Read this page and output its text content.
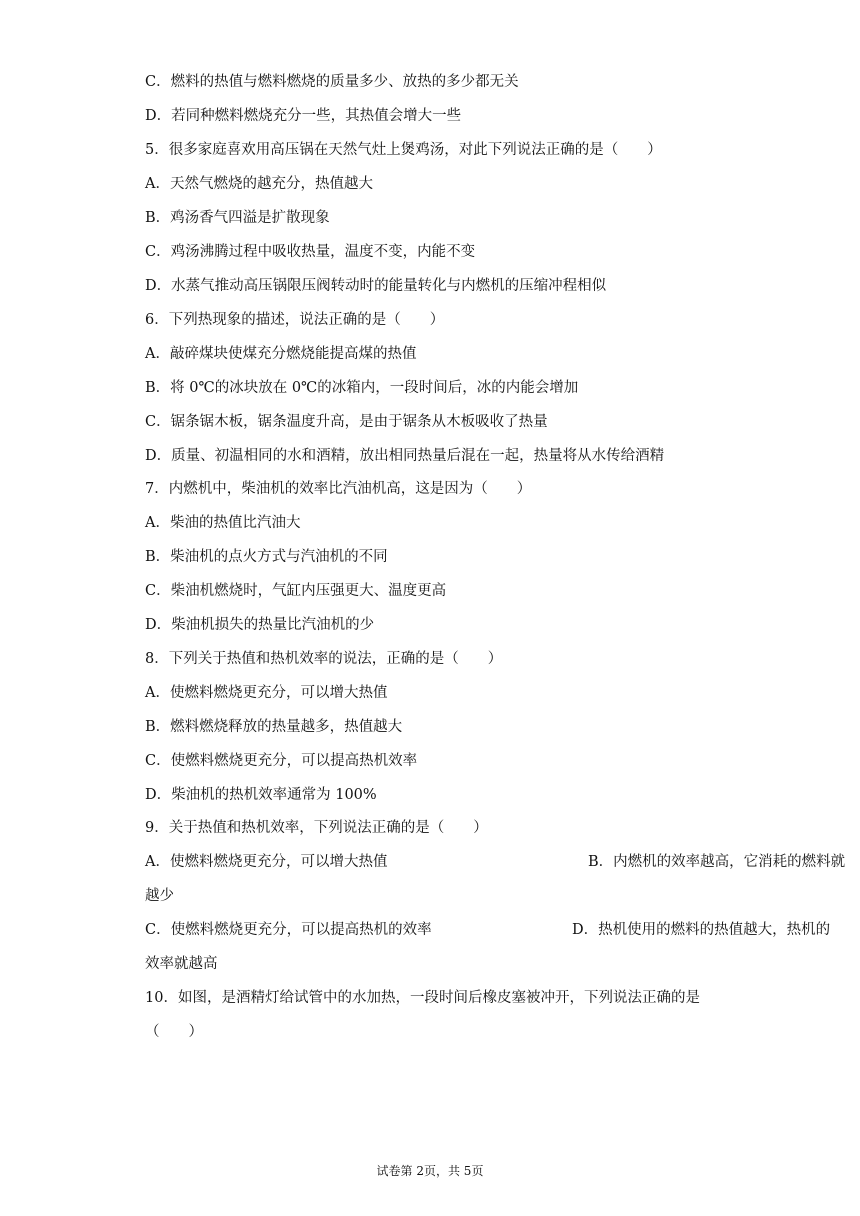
C．燃料的热值与燃料燃烧的质量多少、放热的多少都无关
D．若同种燃料燃烧充分一些，其热值会增大一些
5．很多家庭喜欢用高压锅在天然气灶上煲鸡汤，对此下列说法正确的是（　　）
A．天然气燃烧的越充分，热值越大
B．鸡汤香气四溢是扩散现象
C．鸡汤沸腾过程中吸收热量，温度不变，内能不变
D．水蒸气推动高压锅限压阀转动时的能量转化与内燃机的压缩冲程相似
6．下列热现象的描述，说法正确的是（　　）
A．敲碎煤块使煤充分燃烧能提高煤的热值
B．将 0℃的冰块放在 0℃的冰箱内，一段时间后，冰的内能会增加
C．锯条锯木板，锯条温度升高，是由于锯条从木板吸收了热量
D．质量、初温相同的水和酒精，放出相同热量后混在一起，热量将从水传给酒精
7．内燃机中，柴油机的效率比汽油机高，这是因为（　　）
A．柴油的热值比汽油大
B．柴油机的点火方式与汽油机的不同
C．柴油机燃烧时，气缸内压强更大、温度更高
D．柴油机损失的热量比汽油机的少
8．下列关于热值和热机效率的说法，正确的是（　　）
A．使燃料燃烧更充分，可以增大热值
B．燃料燃烧释放的热量越多，热值越大
C．使燃料燃烧更充分，可以提高热机效率
D．柴油机的热机效率通常为 100%
9．关于热值和热机效率，下列说法正确的是（　　）
A．使燃料燃烧更充分，可以增大热值	B．内燃机的效率越高，它消耗的燃料就
越少
C．使燃料燃烧更充分，可以提高热机的效率	D．热机使用的燃料的热值越大，热机的
效率就越高
10．如图，是酒精灯给试管中的水加热，一段时间后橡皮塞被冲开，下列说法正确的是
（　　）
试卷第 2页，共 5页
